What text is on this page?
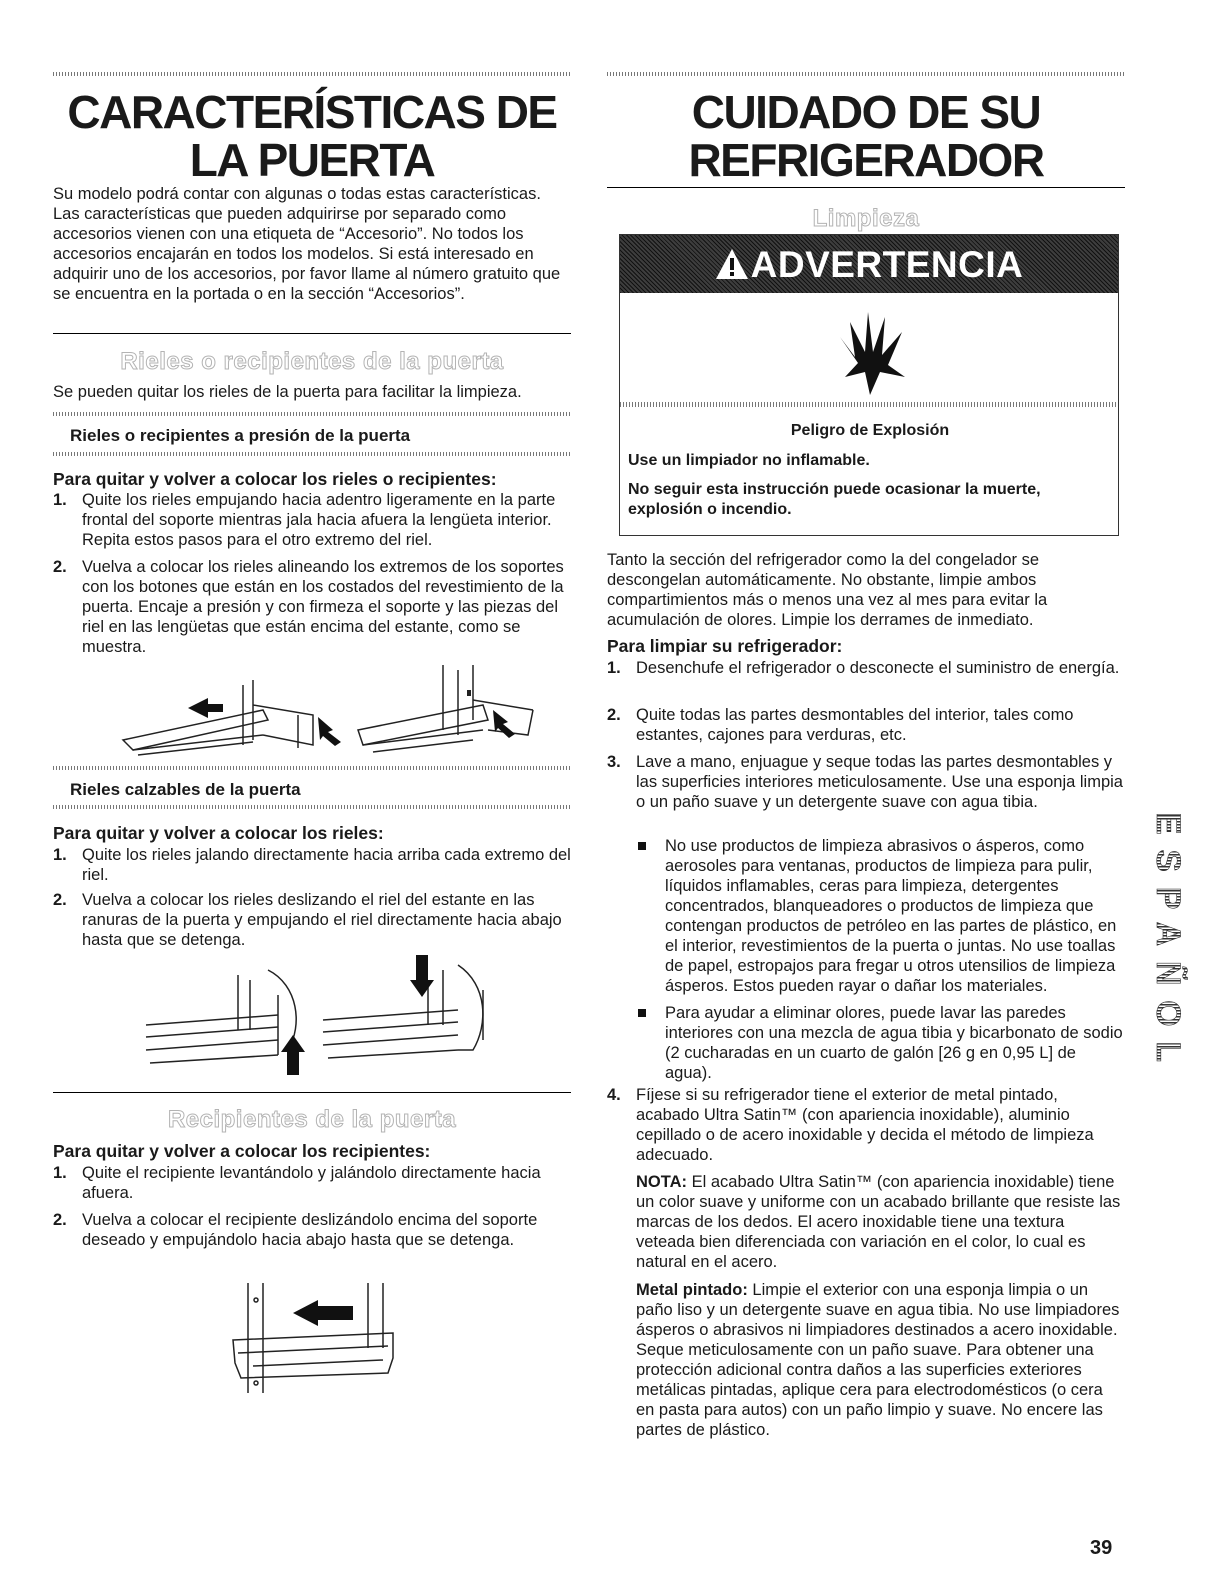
CARACTERÍSTICAS DE
LA PUERTA

Su modelo podrá contar con algunas o todas estas características. Las características que pueden adquirirse por separado como accesorios vienen con una etiqueta de “Accesorio”. No todos los accesorios encajarán en todos los modelos. Si está interesado en adquirir uno de los accesorios, por favor llame al número gratuito que se encuentra en la portada o en la sección “Accesorios”.

Rieles o recipientes de la puerta

Se pueden quitar los rieles de la puerta para facilitar la limpieza.

Rieles o recipientes a presión de la puerta

Para quitar y volver a colocar los rieles o recipientes:

1. Quite los rieles empujando hacia adentro ligeramente en la parte frontal del soporte mientras jala hacia afuera la lengüeta interior. Repita estos pasos para el otro extremo del riel.
2. Vuelva a colocar los rieles alineando los extremos de los soportes con los botones que están en los costados del revestimiento de la puerta. Encaje a presión y con firmeza el soporte y las piezas del riel en las lengüetas que están encima del estante, como se muestra.

Rieles calzables de la puerta

Para quitar y volver a colocar los rieles:

1. Quite los rieles jalando directamente hacia arriba cada extremo del riel.
2. Vuelva a colocar los rieles deslizando el riel del estante en las ranuras de la puerta y empujando el riel directamente hacia abajo hasta que se detenga.
Recipientes de la puerta

Para quitar y volver a colocar los recipientes:

1. Quite el recipiente levantándolo y jalándolo directamente hacia afuera.
2. Vuelva a colocar el recipiente deslizándolo encima del soporte deseado y empujándolo hacia abajo hasta que se detenga.
CUIDADO DE SU
REFRIGERADOR
Limpieza
ADVERTENCIA

Peligro de Explosión

Use un limpiador no inflamable.

No seguir esta instrucción puede ocasionar la muerte, explosión o incendio.

Tanto la sección del refrigerador como la del congelador se descongelan automáticamente. No obstante, limpie ambos compartimientos más o menos una vez al mes para evitar la acumulación de olores. Limpie los derrames de inmediato.

Para limpiar su refrigerador:

1. Desenchufe el refrigerador o desconecte el suministro de energía.
2. Quite todas las partes desmontables del interior, tales como estantes, cajones para verduras, etc.
3. Lave a mano, enjuague y seque todas las partes desmontables y las superficies interiores meticulosamente. Use una esponja limpia o un paño suave y un detergente suave con agua tibia.
No use productos de limpieza abrasivos o ásperos, como aerosoles para ventanas, productos de limpieza para pulir, líquidos inflamables, ceras para limpieza, detergentes concentrados, blanqueadores o productos de limpieza que contengan productos de petróleo en las partes de plástico, en el interior, revestimientos de la puerta o juntas. No use toallas de papel, estropajos para fregar u otros utensilios de limpieza ásperos. Estos pueden rayar o dañar los materiales.
Para ayudar a eliminar olores, puede lavar las paredes interiores con una mezcla de agua tibia y bicarbonato de sodio (2 cucharadas en un cuarto de galón [26 g en 0,95 L] de agua).
4. Fíjese si su refrigerador tiene el exterior de metal pintado, acabado Ultra Satin™ (con apariencia inoxidable), aluminio cepillado o de acero inoxidable y decida el método de limpieza adecuado.

NOTA: El acabado Ultra Satin™ (con apariencia inoxidable) tiene un color suave y uniforme con un acabado brillante que resiste las marcas de los dedos. El acero inoxidable tiene una textura veteada bien diferenciada con variación en el color, lo cual es natural en el acero.

Metal pintado: Limpie el exterior con una esponja limpia o un paño liso y un detergente suave en agua tibia. No use limpiadores ásperos o abrasivos ni limpiadores destinados a acero inoxidable. Seque meticulosamente con un paño suave. Para obtener una protección adicional contra daños a las superficies exteriores metálicas pintadas, aplique cera para electrodomésticos (o cera en pasta para autos) con un paño limpio y suave. No encere las partes de plástico.

ESPAÑOL
39
